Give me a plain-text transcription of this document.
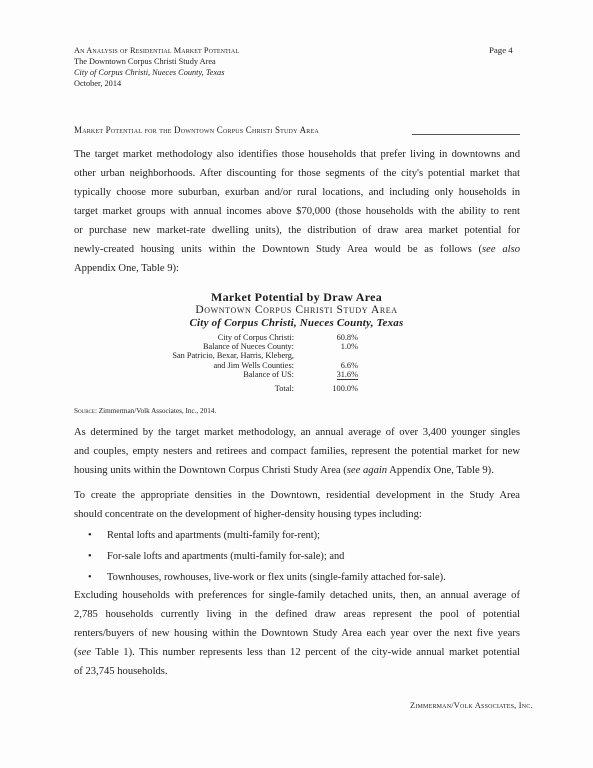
An Analysis of Residential Market Potential
The Downtown Corpus Christi Study Area
City of Corpus Christi, Nueces County, Texas
October, 2014
Page 4
Market Potential for the Downtown Corpus Christi Study Area
The target market methodology also identifies those households that prefer living in downtowns and
other urban neighborhoods. After discounting for those segments of the city's potential market that
typically choose more suburban, exurban and/or rural locations, and including only households in
target market groups with annual incomes above $70,000 (those households with the ability to rent
or purchase new market-rate dwelling units), the distribution of draw area market potential for
newly-created housing units within the Downtown Study Area would be as follows (see also
Appendix One, Table 9):
Market Potential by Draw Area
Downtown Corpus Christi Study Area
City of Corpus Christi, Nueces County, Texas
City of Corpus Christi:	60.8%
Balance of Nueces County:	1.0%
San Patricio, Bexar, Harris, Kleberg,
and Jim Wells Counties:	6.6%
Balance of US:	31.6%
Total:	100.0%
Source: Zimmerman/Volk Associates, Inc., 2014.
As determined by the target market methodology, an annual average of over 3,400 younger singles
and couples, empty nesters and retirees and compact families, represent the potential market for new
housing units within the Downtown Corpus Christi Study Area (see again Appendix One, Table 9).
To create the appropriate densities in the Downtown, residential development in the Study Area
should concentrate on the development of higher-density housing types including:
•	Rental lofts and apartments (multi-family for-rent);
•	For-sale lofts and apartments (multi-family for-sale); and
•	Townhouses, rowhouses, live-work or flex units (single-family attached for-sale).
Excluding households with preferences for single-family detached units, then, an annual average of
2,785 households currently living in the defined draw areas represent the pool of potential
renters/buyers of new housing within the Downtown Study Area each year over the next five years
(see Table 1). This number represents less than 12 percent of the city-wide annual market potential
of 23,745 households.
Zimmerman/Volk Associates, Inc.
